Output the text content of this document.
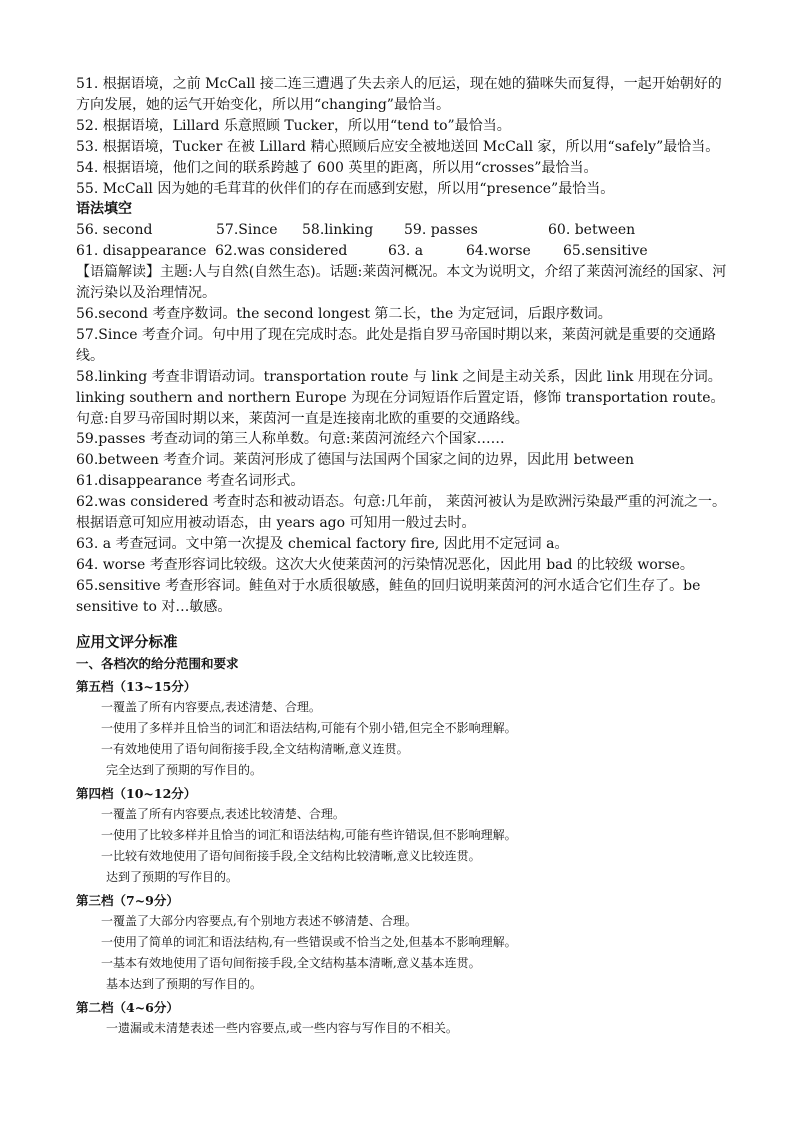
51. 根据语境，之前 McCall 接二连三遭遇了失去亲人的厄运，现在她的猫咪失而复得，一起开始朝好的方向发展，她的运气开始变化，所以用“changing”最恰当。

52. 根据语境，Lillard 乐意照顾 Tucker，所以用“tend to”最恰当。

53. 根据语境，Tucker 在被 Lillard 精心照顾后应安全被地送回 McCall 家，所以用“safely”最恰当。

54. 根据语境，他们之间的联系跨越了 600 英里的距离，所以用“crosses”最恰当。

55. McCall 因为她的毛茸茸的伙伴们的存在而感到安慰，所以用“presence”最恰当。

语法填空

56. second	57.Since	58.linking	59. passes	60. between
61. disappearance 62.was considered	63. a	64.worse	65.sensitive

【语篇解读】主题:人与自然(自然生态)。话题:莱茵河概况。本文为说明文，介绍了莱茵河流经的国家、河流污染以及治理情况。

56.second 考查序数词。the second longest 第二长，the 为定冠词，后跟序数词。

57.Since 考查介词。句中用了现在完成时态。此处是指自罗马帝国时期以来，莱茵河就是重要的交通路线。

58.linking 考查非谓语动词。transportation route 与 link 之间是主动关系，因此 link 用现在分词。linking southern and northern Europe 为现在分词短语作后置定语，修饰 transportation route。句意:自罗马帝国时期以来，莱茵河一直是连接南北欧的重要的交通路线。

59.passes 考查动词的第三人称单数。句意:莱茵河流经六个国家……

60.between 考查介词。莱茵河形成了德国与法国两个国家之间的边界，因此用 between

61.disappearance 考查名词形式。

62.was considered 考查时态和被动语态。句意:几年前， 莱茵河被认为是欧洲污染最严重的河流之一。根据语意可知应用被动语态，由 years ago 可知用一般过去时。

63. a 考查冠词。文中第一次提及 chemical factory fire, 因此用不定冠词 a。

64. worse 考查形容词比较级。这次大火使莱茵河的污染情况恶化，因此用 bad 的比较级 worse。

65.sensitive 考查形容词。鲑鱼对于水质很敏感，鲑鱼的回归说明莱茵河的河水适合它们生存了。be sensitive to 对…敏感。

应用文评分标准
一、各档次的给分范围和要求
第五档（13~15分）
一覆盖了所有内容要点,表述清楚、合理。
一使用了多样并且恰当的词汇和语法结构,可能有个别小错,但完全不影响理解。
一有效地使用了语句间衔接手段,全文结构清晰,意义连贯。
完全达到了预期的写作目的。
第四档（10~12分）
一覆盖了所有内容要点,表述比较清楚、合理。
一使用了比较多样并且恰当的词汇和语法结构,可能有些许错误,但不影响理解。
一比较有效地使用了语句间衔接手段,全文结构比较清晰,意义比较连贯。
达到了预期的写作目的。
第三档（7~9分）
一覆盖了大部分内容要点,有个别地方表述不够清楚、合理。
一使用了简单的词汇和语法结构,有一些错误或不恰当之处,但基本不影响理解。
一基本有效地使用了语句间衔接手段,全文结构基本清晰,意义基本连贯。
基本达到了预期的写作目的。
第二档（4~6分）
一遗漏或未清楚表述一些内容要点,或一些内容与写作目的不相关。
